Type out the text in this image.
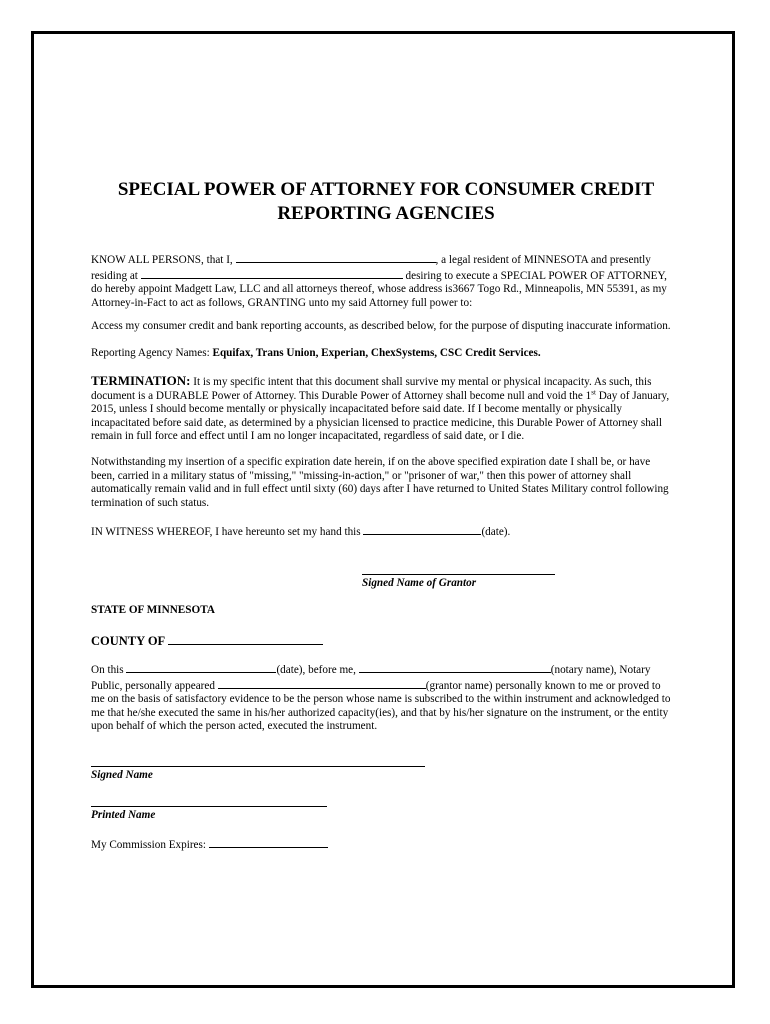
SPECIAL POWER OF ATTORNEY FOR CONSUMER CREDIT
REPORTING AGENCIES

KNOW ALL PERSONS, that I,	, a legal resident of MINNESOTA and presently

residing at	desiring to execute a SPECIAL POWER OF ATTORNEY,

do hereby appoint Madgett Law, LLC and all attorneys thereof, whose address is3667 Togo Rd., Minneapolis, MN 55391, as my

Attorney-in-Fact to act as follows, GRANTING unto my said Attorney full power to:

Access my consumer credit and bank reporting accounts, as described below, for the purpose of disputing inaccurate information.
Reporting Agency Names: Equifax, Trans Union, Experian, ChexSystems, CSC Credit Services.

TERMINATION: It is my specific intent that this document shall survive my mental or physical incapacity. As such, this

document is a DURABLE Power of Attorney. This Durable Power of Attorney shall become null and void the 1st Day of January,

2015, unless I should become mentally or physically incapacitated before said date. If I become mentally or physically

incapacitated before said date, as determined by a physician licensed to practice medicine, this Durable Power of Attorney shall

remain in full force and effect until I am no longer incapacitated, regardless of said date, or I die.

Notwithstanding my insertion of a specific expiration date herein, if on the above specified expiration date I shall be, or have

been, carried in a military status of "missing," "missing-in-action," or "prisoner of war," then this power of attorney shall

automatically remain valid and in full effect until sixty (60) days after I have returned to United States Military control following

termination of such status.

IN WITNESS WHEREOF, I have hereunto set my hand this	(date).
Signed Name of Grantor
STATE OF MINNESOTA
COUNTY OF

On this	(date), before me,	(notary name), Notary

Public, personally appeared	(grantor name) personally known to me or proved to

me on the basis of satisfactory evidence to be the person whose name is subscribed to the within instrument and acknowledged to

me that he/she executed the same in his/her authorized capacity(ies), and that by his/her signature on the instrument, or the entity

upon behalf of which the person acted, executed the instrument.

Signed Name
Printed Name
My Commission Expires:
